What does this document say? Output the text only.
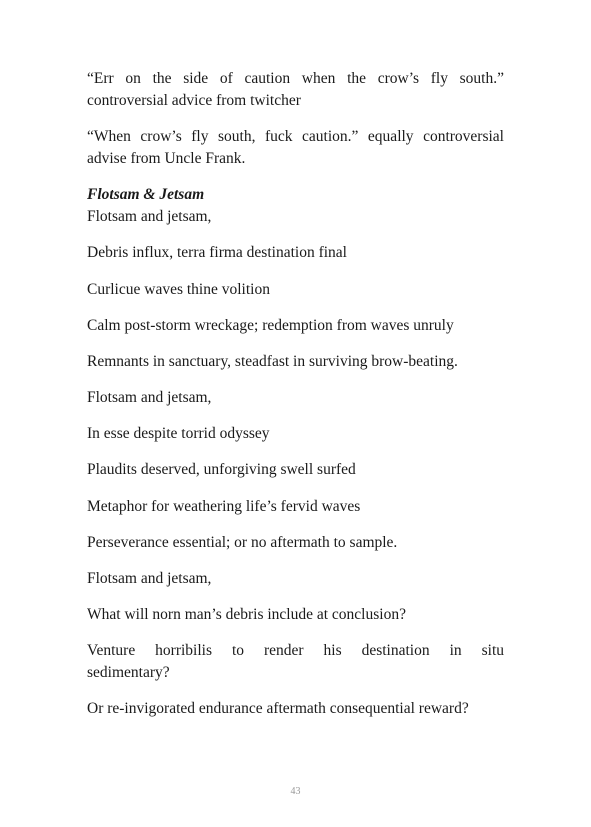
“Err on the side of caution when the crow’s fly south.”
controversial advice from twitcher
“When crow’s fly south, fuck caution.” equally controversial
advise from Uncle Frank.
Flotsam & Jetsam
Flotsam and jetsam,
Debris influx, terra firma destination final
Curlicue waves thine volition
Calm post-storm wreckage; redemption from waves unruly
Remnants in sanctuary, steadfast in surviving brow-beating.
Flotsam and jetsam,
In esse despite torrid odyssey
Plaudits deserved, unforgiving swell surfed
Metaphor for weathering life’s fervid waves
Perseverance essential; or no aftermath to sample.
Flotsam and jetsam,
What will norn man’s debris include at conclusion?
Venture horribilis to render his destination in situ
sedimentary?
Or re-invigorated endurance aftermath consequential reward?
43
